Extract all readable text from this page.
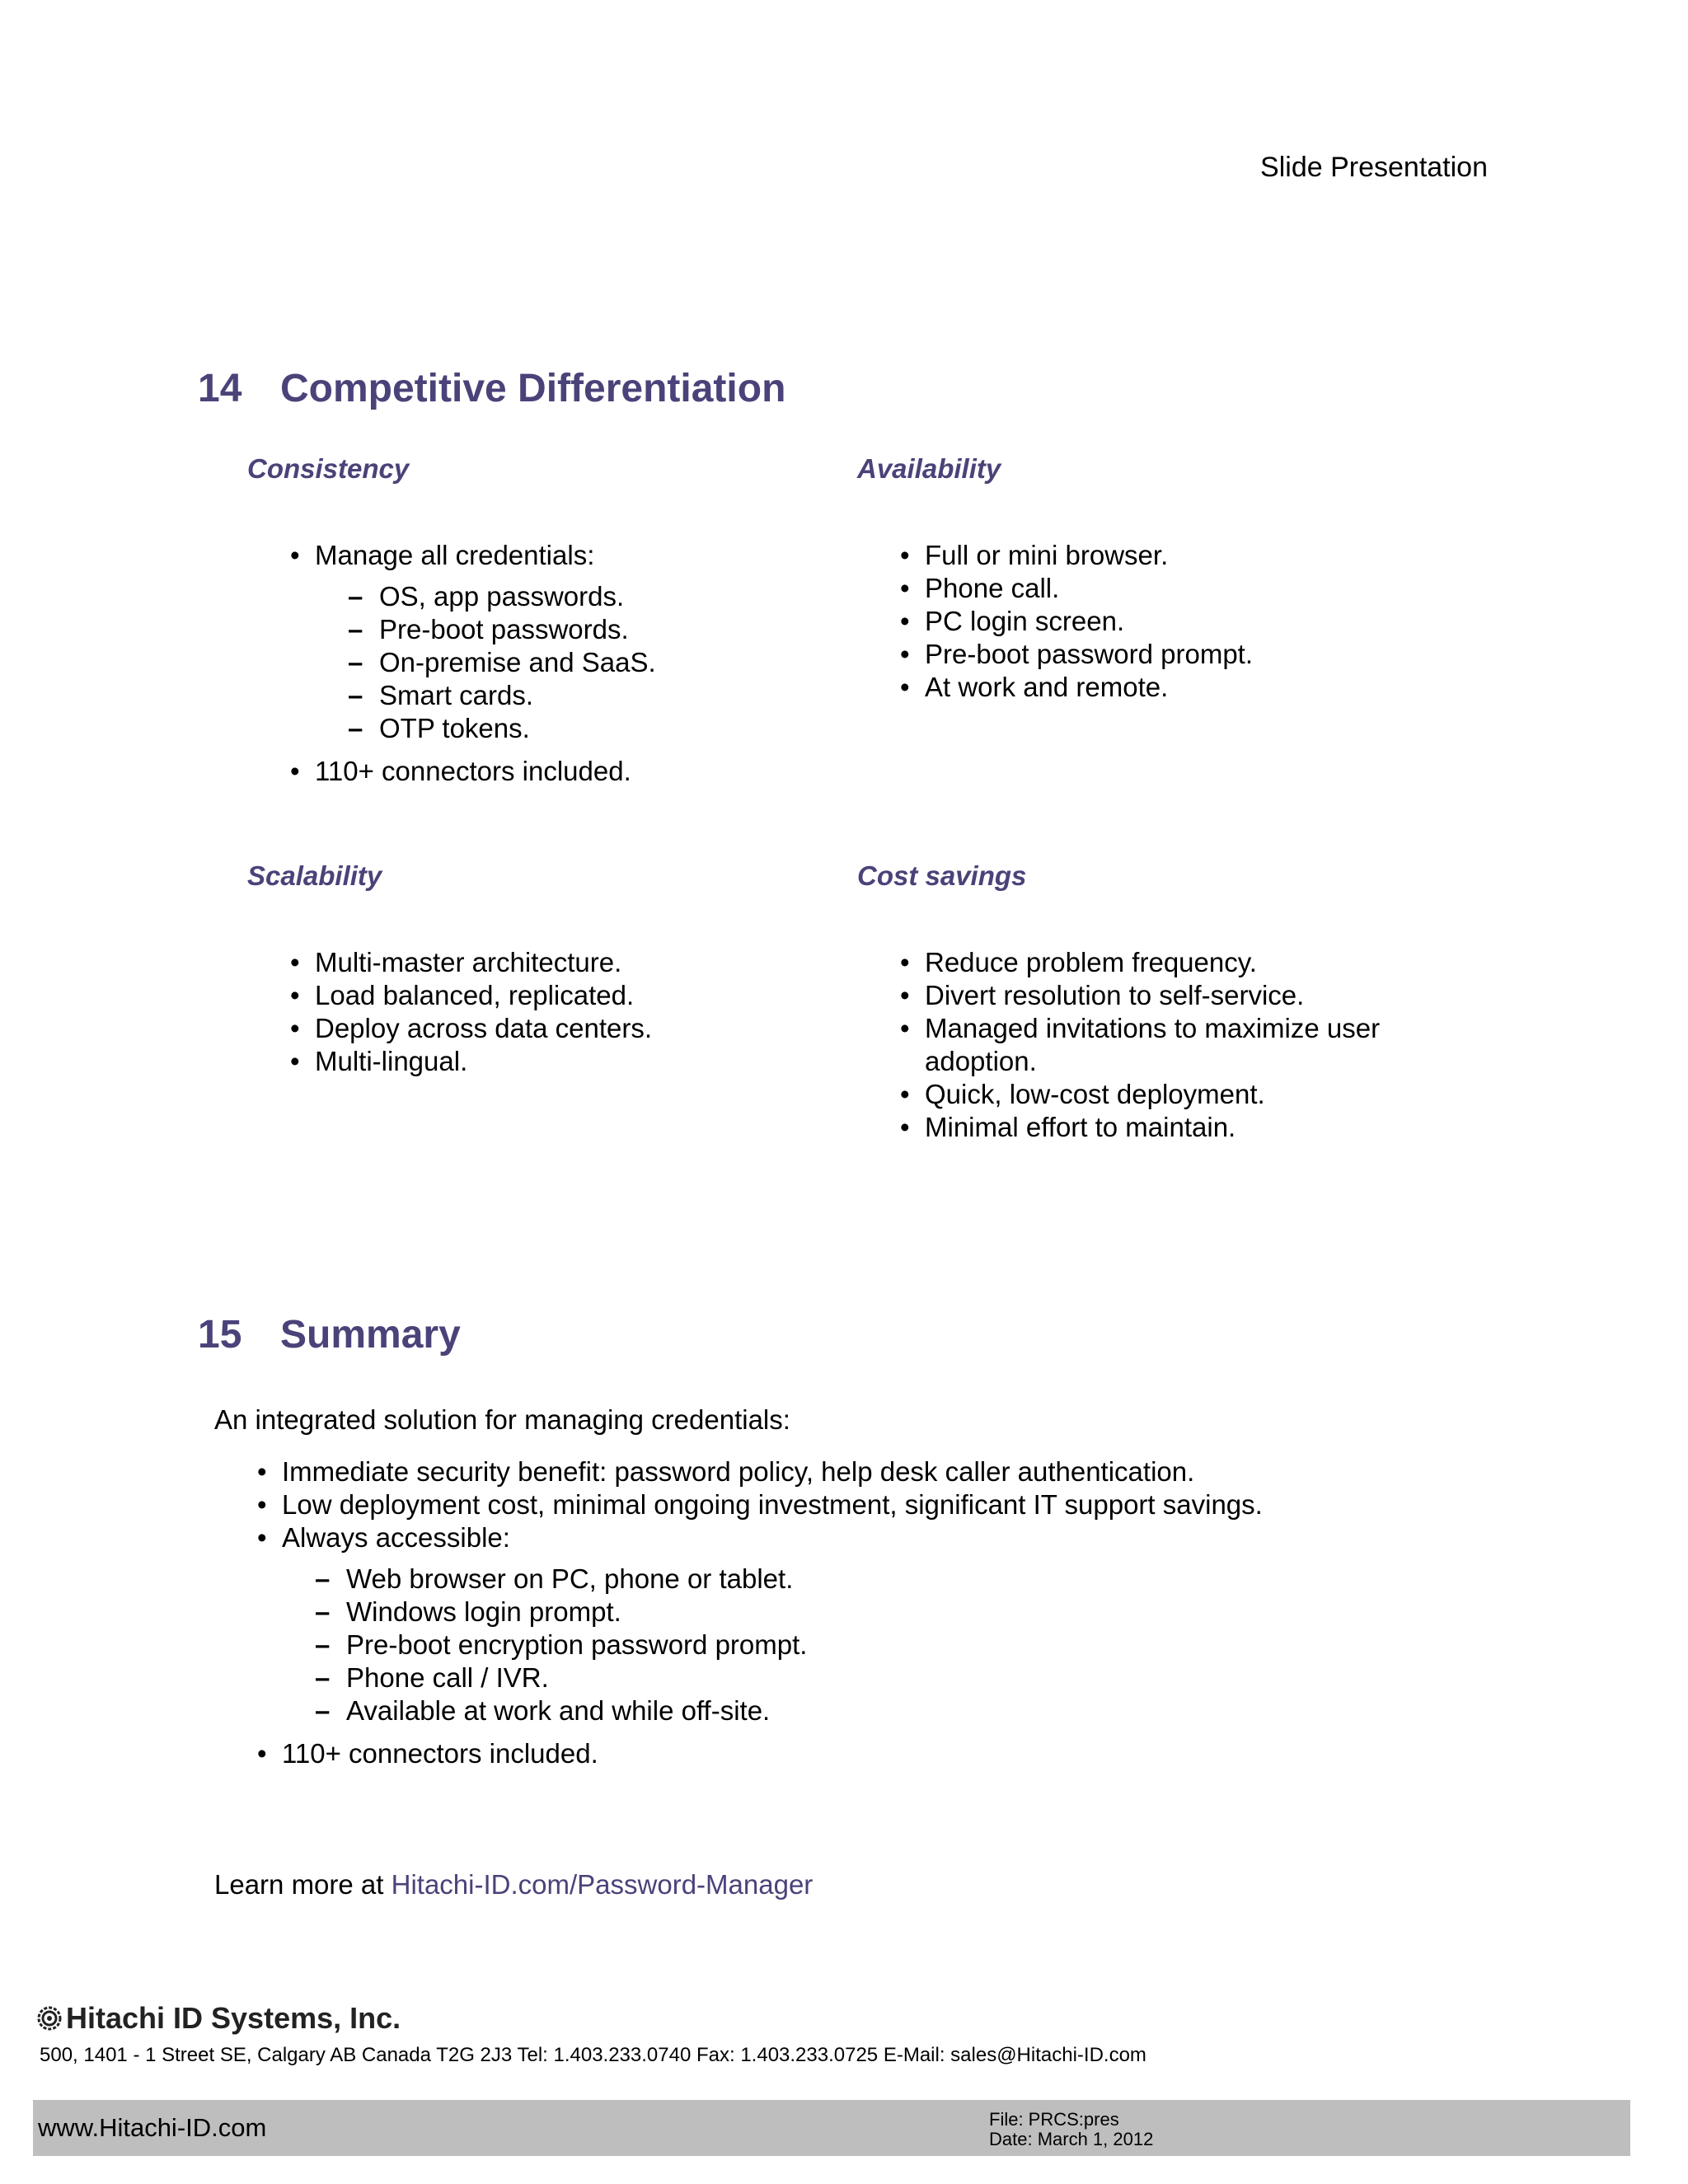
Slide Presentation
14 Competitive Differentiation
Consistency
• Manage all credentials:
– OS, app passwords.
– Pre-boot passwords.
– On-premise and SaaS.
– Smart cards.
– OTP tokens.
• 110+ connectors included.
Availability
• Full or mini browser.
• Phone call.
• PC login screen.
• Pre-boot password prompt.
• At work and remote.
Scalability
• Multi-master architecture.
• Load balanced, replicated.
• Deploy across data centers.
• Multi-lingual.
Cost savings
• Reduce problem frequency.
• Divert resolution to self-service.
• Managed invitations to maximize user adoption.
• Quick, low-cost deployment.
• Minimal effort to maintain.
15 Summary
An integrated solution for managing credentials:
• Immediate security benefit: password policy, help desk caller authentication.
• Low deployment cost, minimal ongoing investment, significant IT support savings.
• Always accessible:
– Web browser on PC, phone or tablet.
– Windows login prompt.
– Pre-boot encryption password prompt.
– Phone call / IVR.
– Available at work and while off-site.
• 110+ connectors included.
Learn more at Hitachi-ID.com/Password-Manager
Hitachi ID Systems, Inc.
500, 1401 - 1 Street SE, Calgary AB Canada T2G 2J3 Tel: 1.403.233.0740 Fax: 1.403.233.0725 E-Mail: sales@Hitachi-ID.com
www.Hitachi-ID.com	File: PRCS:pres
Date: March 1, 2012
